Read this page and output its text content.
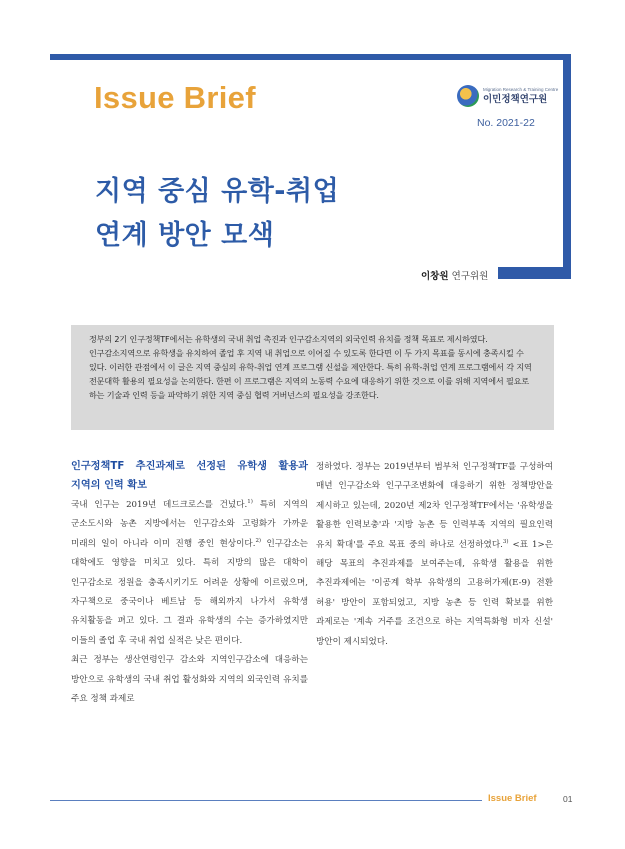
Issue Brief	Migration Research & Training Centre
이민정책연구원
No. 2021-22
지역 중심 유학-취업
연계 방안 모색
이창원 연구위원

정부의 2기 인구정책TF에서는 유학생의 국내 취업 촉진과 인구감소지역의 외국인력 유치를 정책 목표로 제시하였다. 인구감소지역으로 유학생을 유치하여 졸업 후 지역 내 취업으로 이어질 수 있도록 한다면 이 두 가지 목표를 동시에 충족시킬 수 있다. 이러한 관점에서 이 글은 지역 중심의 유학-취업 연계 프로그램 신설을 제안한다. 특히 유학-취업 연계 프로그램에서 각 지역 전문대학 활용의 필요성을 논의한다. 한편 이 프로그램은 지역의 노동력 수요에 대응하기 위한 것으로 이를 위해 지역에서 필요로 하는 기술과 인력 등을 파악하기 위한 지역 중심 협력 거버넌스의 필요성을 강조한다.

인구정책TF 추진과제로 선정된 유학생 활용과 지역의 인력 확보

국내 인구는 2019년 데드크로스를 건넜다.$^{1)}$ 특히 지역의 군소도시와 농촌 지방에서는 인구감소와 고령화가 가까운 미래의 일이 아니라 이미 진행 중인 현상이다.$^{2)}$ 인구감소는 대학에도 영향을 미치고 있다. 특히 지방의 많은 대학이 인구감소로 정원을 충족시키기도 어려운 상황에 이르렀으며, 자구책으로 중국이나 베트남 등 해외까지 나가서 유학생 유치활동을 펴고 있다. 그 결과 유학생의 수는 증가하였지만 이들의 졸업 후 국내 취업 실적은 낮은 편이다.

최근 정부는 생산연령인구 감소와 지역인구감소에 대응하는 방안으로 유학생의 국내 취업 활성화와 지역의 외국인력 유치를 주요 정책 과제로

정하였다. 정부는 2019년부터 범부처 인구정책TF를 구성하여 매년 인구감소와 인구구조변화에 대응하기 위한 정책방안을 제시하고 있는데, 2020년 제2차 인구정책TF에서는 '유학생을 활용한 인력보충'과 '지방 농촌 등 인력부족 지역의 필요인력 유치 확대'를 주요 목표 중의 하나로 선정하였다.$^{3)}$ <표 1>은 해당 목표의 추진과제를 보여주는데, 유학생 활용을 위한 추진과제에는 '이공계 학부 유학생의 고용허가제(E-9) 전환 허용' 방안이 포함되었고, 지방 농촌 등 인력 확보를 위한 과제로는 '계속 거주를 조건으로 하는 지역특화형 비자 신설' 방안이 제시되었다.

Issue Brief	01
